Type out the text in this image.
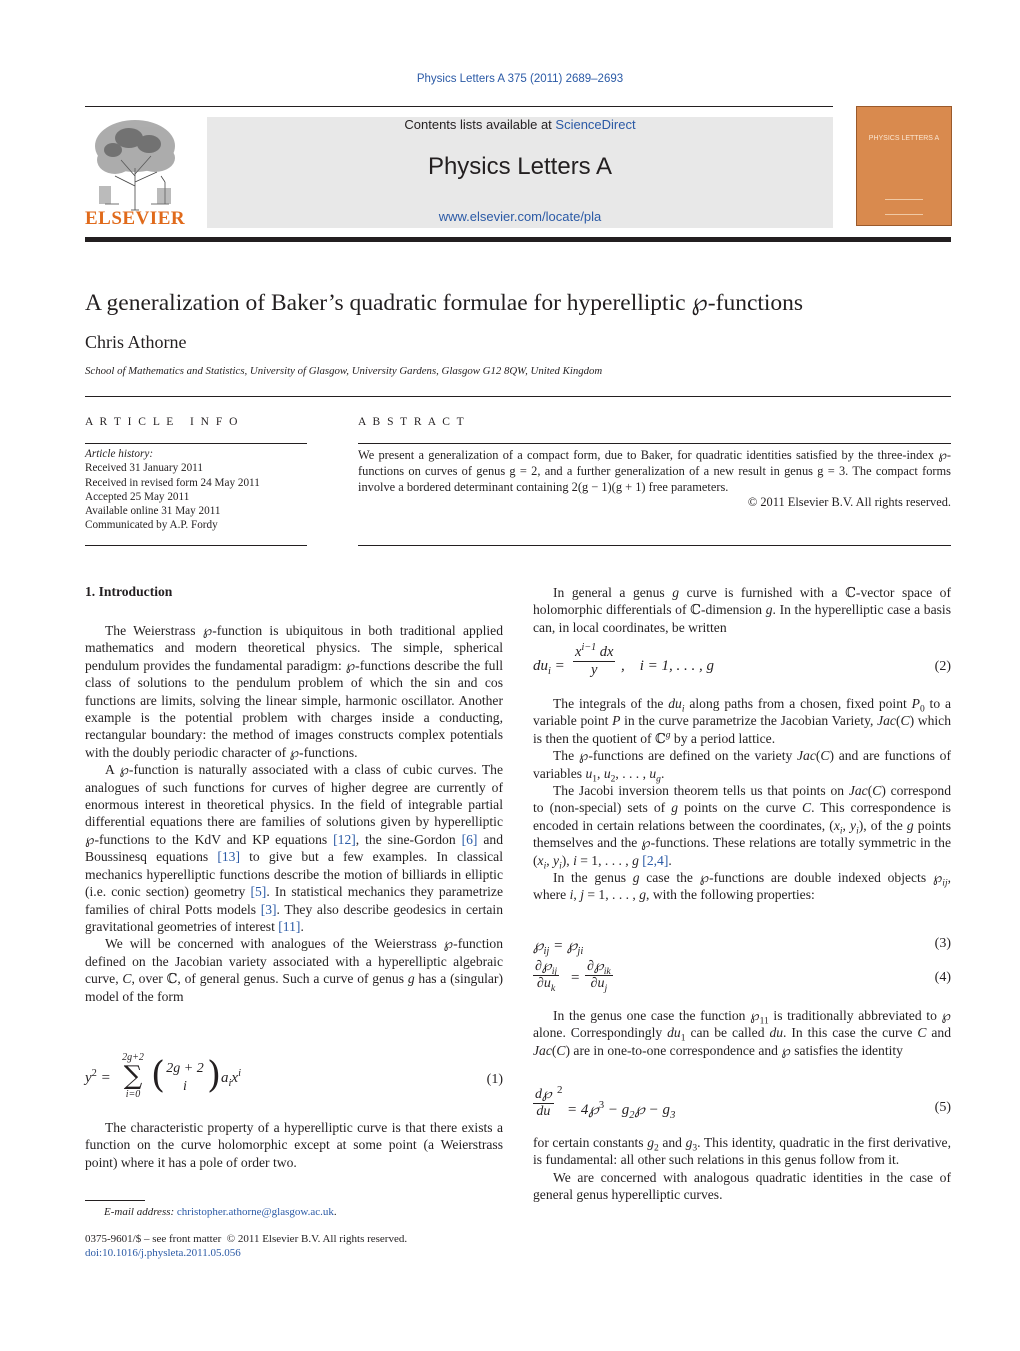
Physics Letters A 375 (2011) 2689–2693
ELSEVIER
Contents lists available at ScienceDirect
Physics Letters A
www.elsevier.com/locate/pla
PHYSICS LETTERS A
A generalization of Baker’s quadratic formulae for hyperelliptic ℘-functions
Chris Athorne
School of Mathematics and Statistics, University of Glasgow, University Gardens, Glasgow G12 8QW, United Kingdom
A R T I C L E   I N F O
Article history:
Received 31 January 2011
Received in revised form 24 May 2011
Accepted 25 May 2011
Available online 31 May 2011
Communicated by A.P. Fordy
A B S T R A C T
We present a generalization of a compact form, due to Baker, for quadratic identities satisfied by the three-index ℘-functions on curves of genus g = 2, and a further generalization of a new result in genus g = 3. The compact forms involve a bordered determinant containing 2(g − 1)(g + 1) free parameters.
© 2011 Elsevier B.V. All rights reserved.
1. Introduction

The Weierstrass ℘-function is ubiquitous in both traditional applied mathematics and modern theoretical physics. The simple, spherical pendulum provides the fundamental paradigm: ℘-functions describe the full class of solutions to the pendulum problem of which the sin and cos functions are limits, solving the linear simple, harmonic oscillator. Another example is the potential problem with charges inside a conducting, rectangular boundary: the method of images constructs complex potentials with the doubly periodic character of ℘-functions.

A ℘-function is naturally associated with a class of cubic curves. The analogues of such functions for curves of higher degree are currently of enormous interest in theoretical physics. In the field of integrable partial differential equations there are families of solutions given by hyperelliptic ℘-functions to the KdV and KP equations [12], the sine-Gordon [6] and Boussinesq equations [13] to give but a few examples. In classical mechanics hyperelliptic functions describe the motion of billiards in elliptic (i.e. conic section) geometry [5]. In statistical mechanics they parametrize families of chiral Potts models [3]. They also describe geodesics in certain gravitational geometries of interest [11].

We will be concerned with analogues of the Weierstrass ℘-function defined on the Jacobian variety associated with a hyperelliptic algebraic curve, C, over ℂ, of general genus. Such a curve of genus g has a (singular) model of the form

$y^2$ =
2g+2
∑
i=0 ( 2g + 2
i ) $a_ix^i$	(1)

The characteristic property of a hyperelliptic curve is that there exists a function on the curve holomorphic except at some point (a Weierstrass point) where it has a pole of order two.

E-mail address: christopher.athorne@glasgow.ac.uk.
0375-9601/$ – see front matter  © 2011 Elsevier B.V. All rights reserved.
doi:10.1016/j.physleta.2011.05.056

In general a genus g curve is furnished with a ℂ-vector space of holomorphic differentials of ℂ-dimension g. In the hyperelliptic case a basis can, in local coordinates, be written

$du_i = \frac{x^{i-1} dx}{y}$ ,    i = 1, . . . , g	(2)

The integrals of the $du_i$ along paths from a chosen, fixed point $P_0$ to a variable point P in the curve parametrize the Jacobian Variety, Jac(C) which is then the quotient of ℂ$^g$ by a period lattice.

The ℘-functions are defined on the variety Jac(C) and are functions of variables $u_1$, $u_2$, . . . , $u_g$.

The Jacobi inversion theorem tells us that points on Jac(C) correspond to (non-special) sets of g points on the curve C. This correspondence is encoded in certain relations between the coordinates, ($x_i$, $y_i$), of the g points themselves and the ℘-functions. These relations are totally symmetric in the ($x_i$, $y_i$), i = 1, . . . , g [2,4].

In the genus g case the ℘-functions are double indexed objects $℘_{ij}$, where i, j = 1, . . . , g, with the following properties:

$℘_{ij}$ = $℘_{ji}$
(3)
$\frac{\partial℘_{ij}}{\partial u_k} = \frac{\partial℘_{ik}}{\partial u_j}$	(4)

In the genus one case the function $℘_{11}$ is traditionally abbreviated to ℘ alone. Correspondingly $du_1$ can be called du. In this case the curve C and Jac(C) are in one-to-one correspondence and ℘ satisfies the identity

$\frac{d℘}{du} 2$
= 4℘$^3$ − $g_2℘ - g_3$
(5)

for certain constants $g_2$ and $g_3$. This identity, quadratic in the first derivative, is fundamental: all other such relations in this genus follow from it.

We are concerned with analogous quadratic identities in the case of general genus hyperelliptic curves.
